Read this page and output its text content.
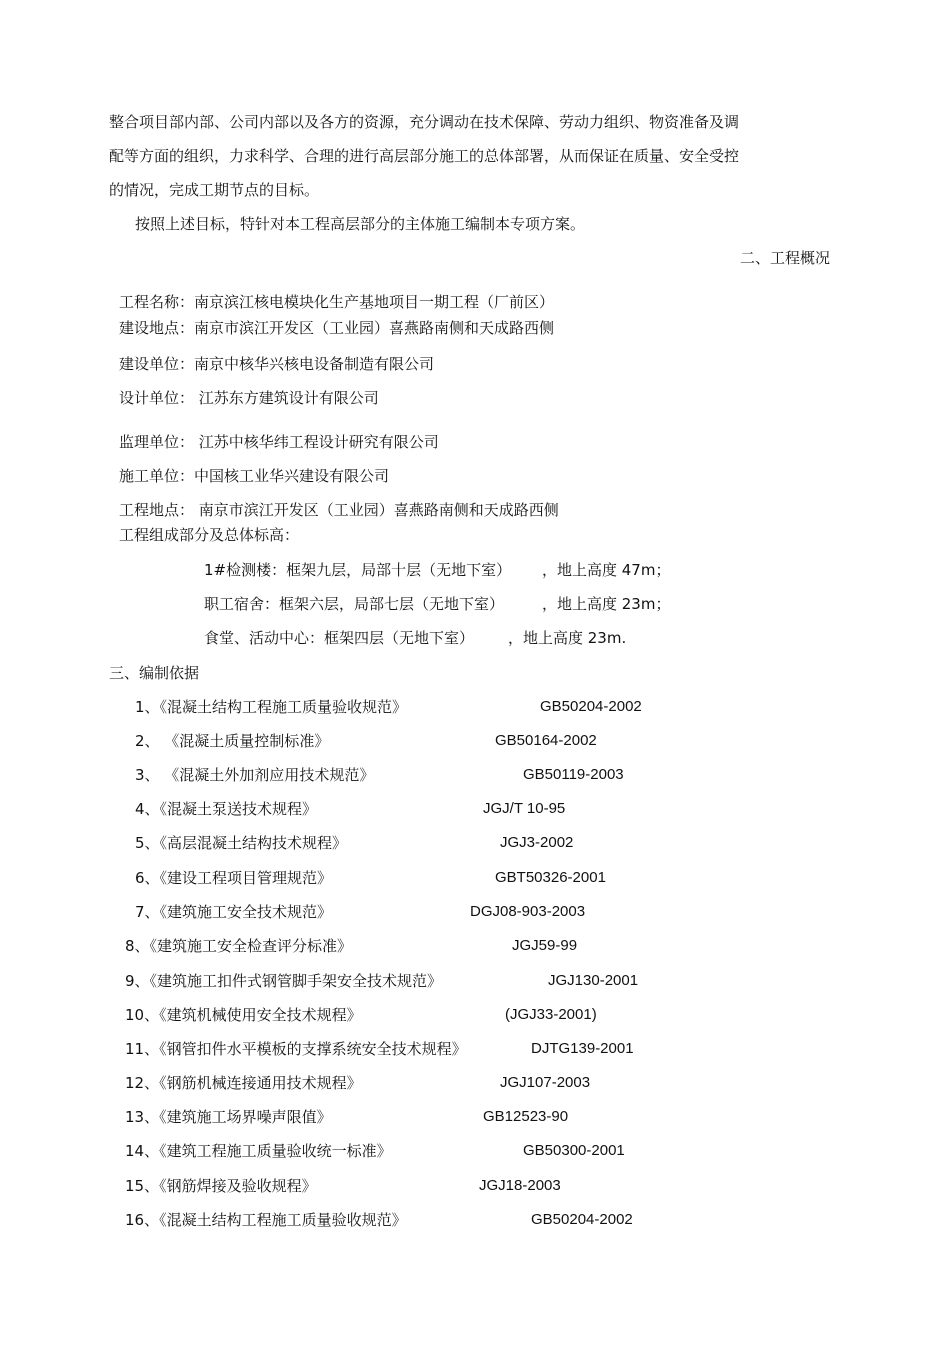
整合项目部内部、公司内部以及各方的资源，充分调动在技术保障、劳动力组织、物资准备及调
配等方面的组织，力求科学、合理的进行高层部分施工的总体部署，从而保证在质量、安全受控
的情况，完成工期节点的目标。
按照上述目标，特针对本工程高层部分的主体施工编制本专项方案。
二、工程概况
工程名称：南京滨江核电模块化生产基地项目一期工程（厂前区）
建设地点：南京市滨江开发区（工业园）喜燕路南侧和天成路西侧
建设单位：南京中核华兴核电设备制造有限公司
设计单位： 江苏东方建筑设计有限公司
监理单位： 江苏中核华纬工程设计研究有限公司
施工单位：中国核工业华兴建设有限公司
工程地点： 南京市滨江开发区（工业园）喜燕路南侧和天成路西侧
工程组成部分及总体标高：
1#检测楼：框架九层，局部十层（无地下室） ，地上高度 47m；
职工宿舍：框架六层，局部七层（无地下室）	，地上高度 23m；
食堂、活动中心：框架四层（无地下室） ，地上高度 23m.
三、编制依据
1、《混凝土结构工程施工质量验收规范》	GB50204-2002
2、 《混凝土质量控制标准》	GB50164-2002
3、 《混凝土外加剂应用技术规范》	GB50119-2003
4、《混凝土泵送技术规程》	JGJ/T 10-95
5、《高层混凝土结构技术规程》	JGJ3-2002
6、《建设工程项目管理规范》	GBT50326-2001
7、《建筑施工安全技术规范》	DGJ08-903-2003
8、《建筑施工安全检查评分标准》	JGJ59-99
9、《建筑施工扣件式钢管脚手架安全技术规范》	JGJ130-2001
10、《建筑机械使用安全技术规程》	(JGJ33-2001)
11、《钢管扣件水平模板的支撑系统安全技术规程》	DJTG139-2001
12、《钢筋机械连接通用技术规程》	JGJ107-2003
13、《建筑施工场界噪声限值》	GB12523-90
14、《建筑工程施工质量验收统一标准》	GB50300-2001
15、《钢筋焊接及验收规程》	JGJ18-2003
16、《混凝土结构工程施工质量验收规范》	GB50204-2002
